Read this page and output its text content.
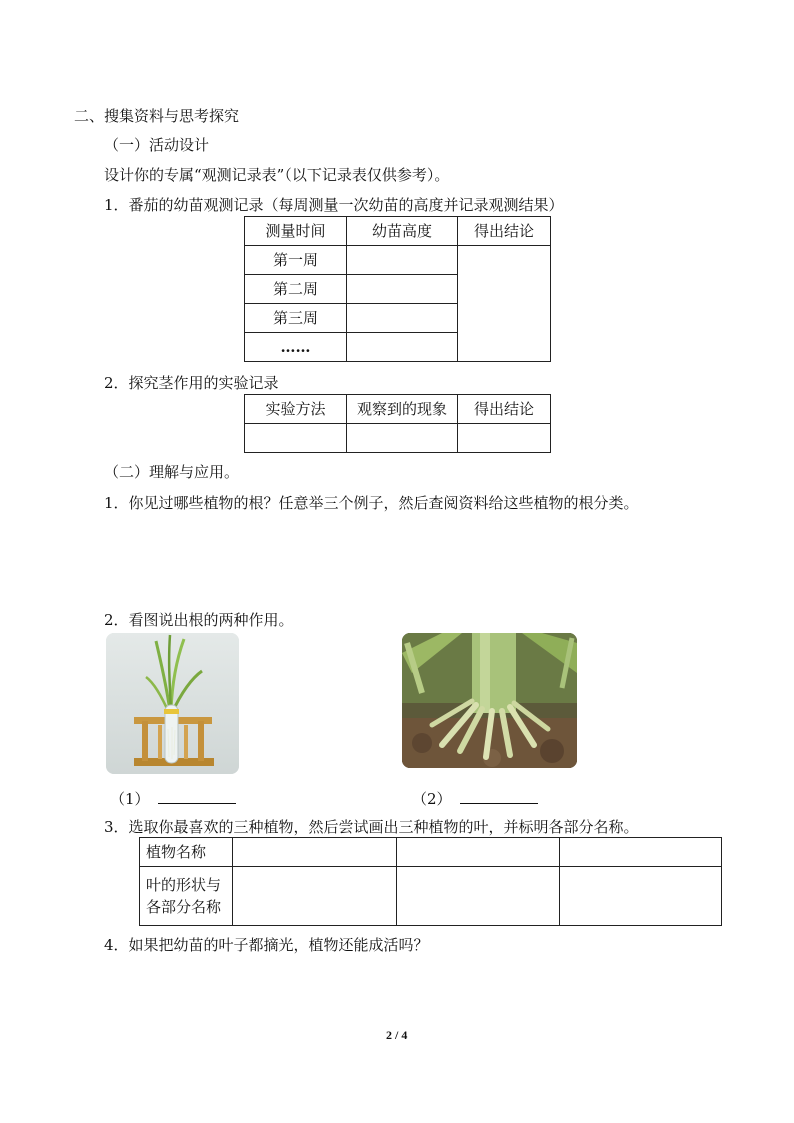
二、搜集资料与思考探究
（一）活动设计
设计你的专属“观测记录表”（以下记录表仅供参考）。
1．番茄的幼苗观测记录（每周测量一次幼苗的高度并记录观测结果）
测量时间	幼苗高度	得出结论
第一周		
第二周		
第三周		
……		
2．探究茎作用的实验记录
实验方法	观察到的现象	得出结论

（二）理解与应用。
1．你见过哪些植物的根？任意举三个例子，然后查阅资料给这些植物的根分类。
2．看图说出根的两种作用。
（1）	（2）
3．选取你最喜欢的三种植物，然后尝试画出三种植物的叶，并标明各部分名称。
植物名称			

叶的形状与
各部分名称			

4．如果把幼苗的叶子都摘光，植物还能成活吗？
2 / 4
